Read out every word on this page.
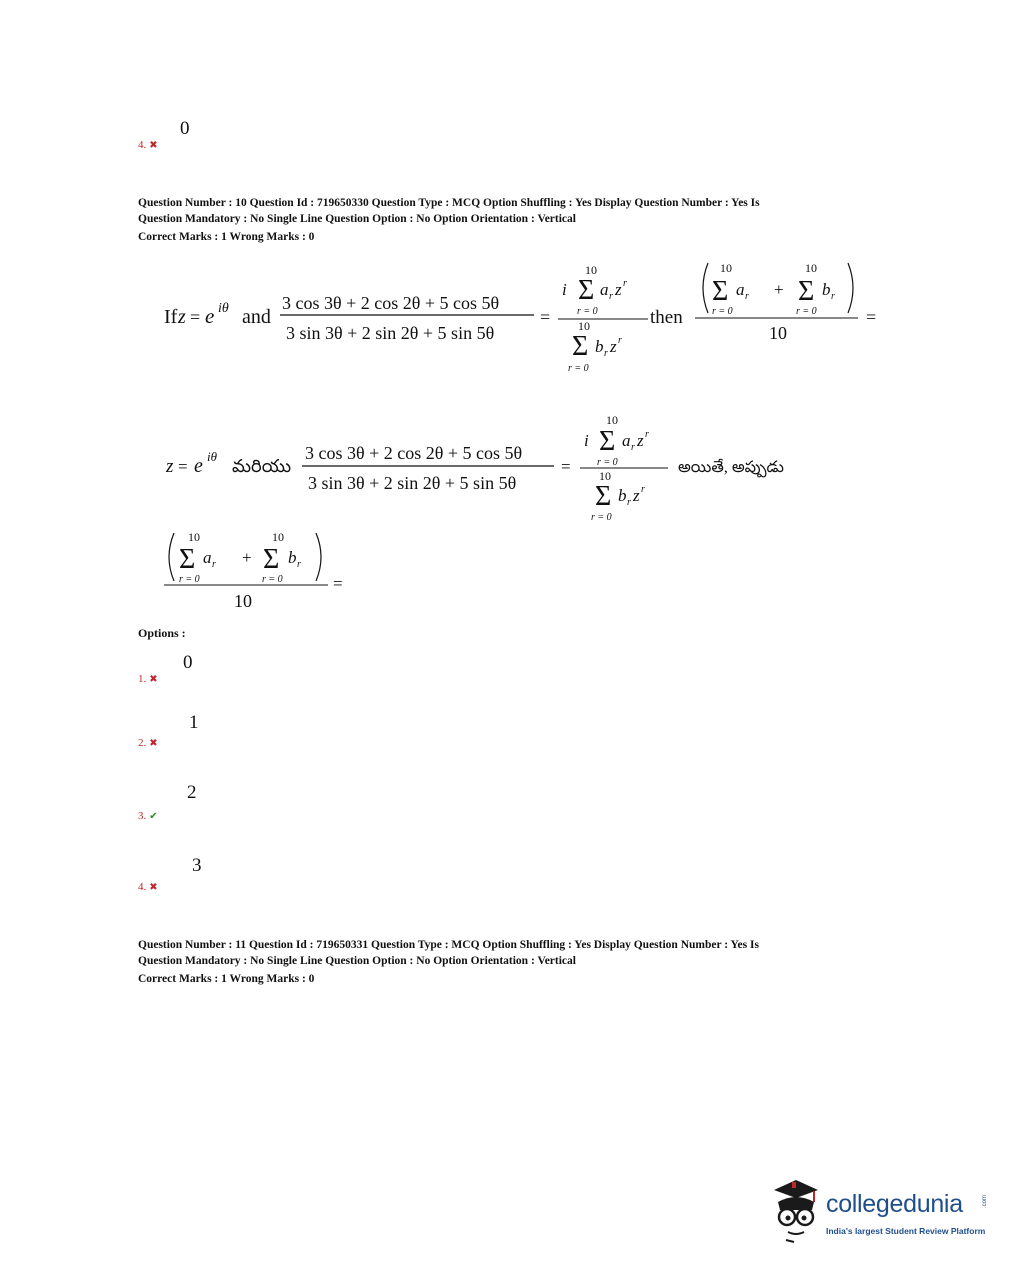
0
4. ✖
Question Number : 10 Question Id : 719650330 Question Type : MCQ Option Shuffling : Yes Display Question Number : Yes Is
Question Mandatory : No Single Line Question Option : No Option Orientation : Vertical
Correct Marks : 1 Wrong Marks : 0
If z = e iθ and
3 cos 3θ + 2 cos 2θ + 5 cos 5θ
3 sin 3θ + 2 sin 2θ + 5 sin 5θ
=
10
i Σ a r z r
r = 0
10
Σ b r z r
r = 0
then
10
Σ a r
r = 0
+
10
Σ b r
r = 0
10
=
z = e iθ మరియు
3 cos 3θ + 2 cos 2θ + 5 cos 5θ
3 sin 3θ + 2 sin 2θ + 5 sin 5θ
=
10
i Σ a r z r
r = 0
10
Σ b r z r
r = 0
అయితే, అప్పుడు
10
Σ a r
r = 0
+
10
Σ b r
r = 0
10
=
Options :
0
1. ✖
1
2. ✖
2
3. ✔
3
4. ✖
Question Number : 11 Question Id : 719650331 Question Type : MCQ Option Shuffling : Yes Display Question Number : Yes Is
Question Mandatory : No Single Line Question Option : No Option Orientation : Vertical
Correct Marks : 1 Wrong Marks : 0
collegedunia	.com
India's largest Student Review Platform
